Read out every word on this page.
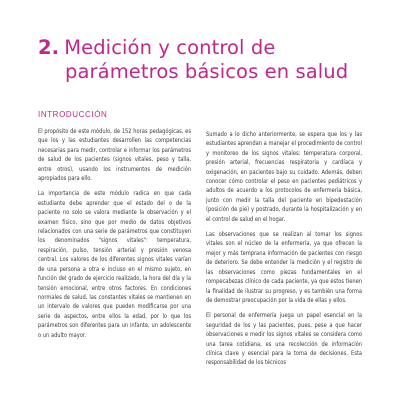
2. Medición y control de
parámetros básicos en salud
INTRODUCCIÓN

El propósito de este módulo, de 152 horas pedagógicas, es que los y las estudiantes desarrollen las competencias necesarias para medir, controlar e informar los parámetros de salud de los pacientes (signos vitales, peso y talla, entre otros), usando los instrumentos de medición apropiados para ello.

La importancia de este módulo radica en que cada estudiante debe aprender que el estado del o de la paciente no solo se valora mediante la observación y el examen físico, sino que por medio de datos objetivos relacionados con una serie de parámetros que constituyen los denominados "signos vitales": temperatura, respiración, pulso, tensión arterial y presión venosa central. Los valores de los diferentes signos vitales varían de una persona a otra e incluso en el mismo sujeto, en función del grado de ejercicio realizado, la hora del día y la tensión emocional, entre otros factores. En condiciones normales de salud, las constantes vitales se mantienen en un intervalo de valores que pueden modificarse por una serie de aspectos, entre ellos la edad, por lo que los parámetros son diferentes para un infante, un adolescente o un adulto mayor.

Sumado a lo dicho anteriormente, se espera que los y las estudiantes aprendan a manejar el procedimiento de control y monitoreo de los signos vitales: temperatura corporal, presión arterial, frecuencias respiratoria y cardíaca y oxigenación, en pacientes bajo su cuidado. Además, deben conocer cómo controlar el peso en pacientes pediátricos y adultos de acuerdo a los protocolos de enfermería básica, junto con medir la talla del paciente en bipedestación (posición de pie) y postrado, durante la hospitalización y en el control de salud en el hogar.

Las observaciones que se realizan al tomar los signos vitales son el núcleo de la enfermería, ya que ofrecen la mejor y más temprana información de pacientes con riesgo de deterioro. Se debe entender la medición y el registro de las observaciones como piezas fundamentales en el rompecabezas clínico de cada paciente, ya que estos tienen la finalidad de ilustrar su progreso, y es también una forma de demostrar preocupación por la vida de ellas y ellos.

El personal de enfermería juega un papel esencial en la seguridad de los y las pacientes, pues, pese a que hacer observaciones e medir los signos vitales se considera como una tarea cotidiana, es una recolección de información clínica clave y esencial para la toma de decisiones. Esta responsabilidad de los técnicos
